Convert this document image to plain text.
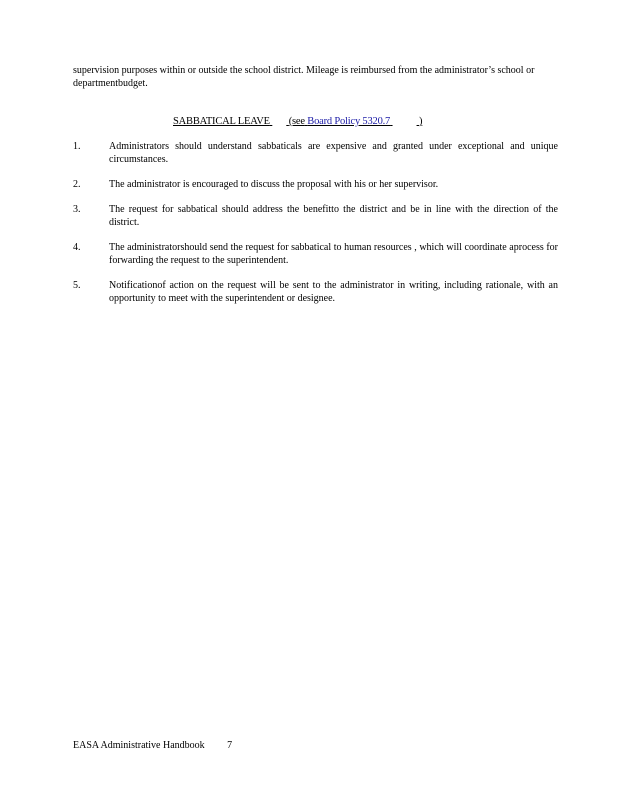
supervision purposes within or outside the school district. Mileage is reimbursed from the administrator’s school or departmentbudget.
SABBATICAL LEAVE (see Board Policy 5320.7	)
1.	Administrators should understand sabbaticals are expensive and granted under exceptional and unique circumstances.
2.	The administrator is encouraged to discuss the proposal with his or her supervisor.
3.	The request for sabbatical should address the benefitto the district and be in line with the direction of the district.
4.	The administratorshould send the request for sabbatical to human resources , which will coordinate aprocess for forwarding the request to the superintendent.
5.	Notificationof action on the request will be sent to the administrator in writing, including rationale, with an opportunity to meet with the superintendent or designee.
EASA Administrative Handbook 7
